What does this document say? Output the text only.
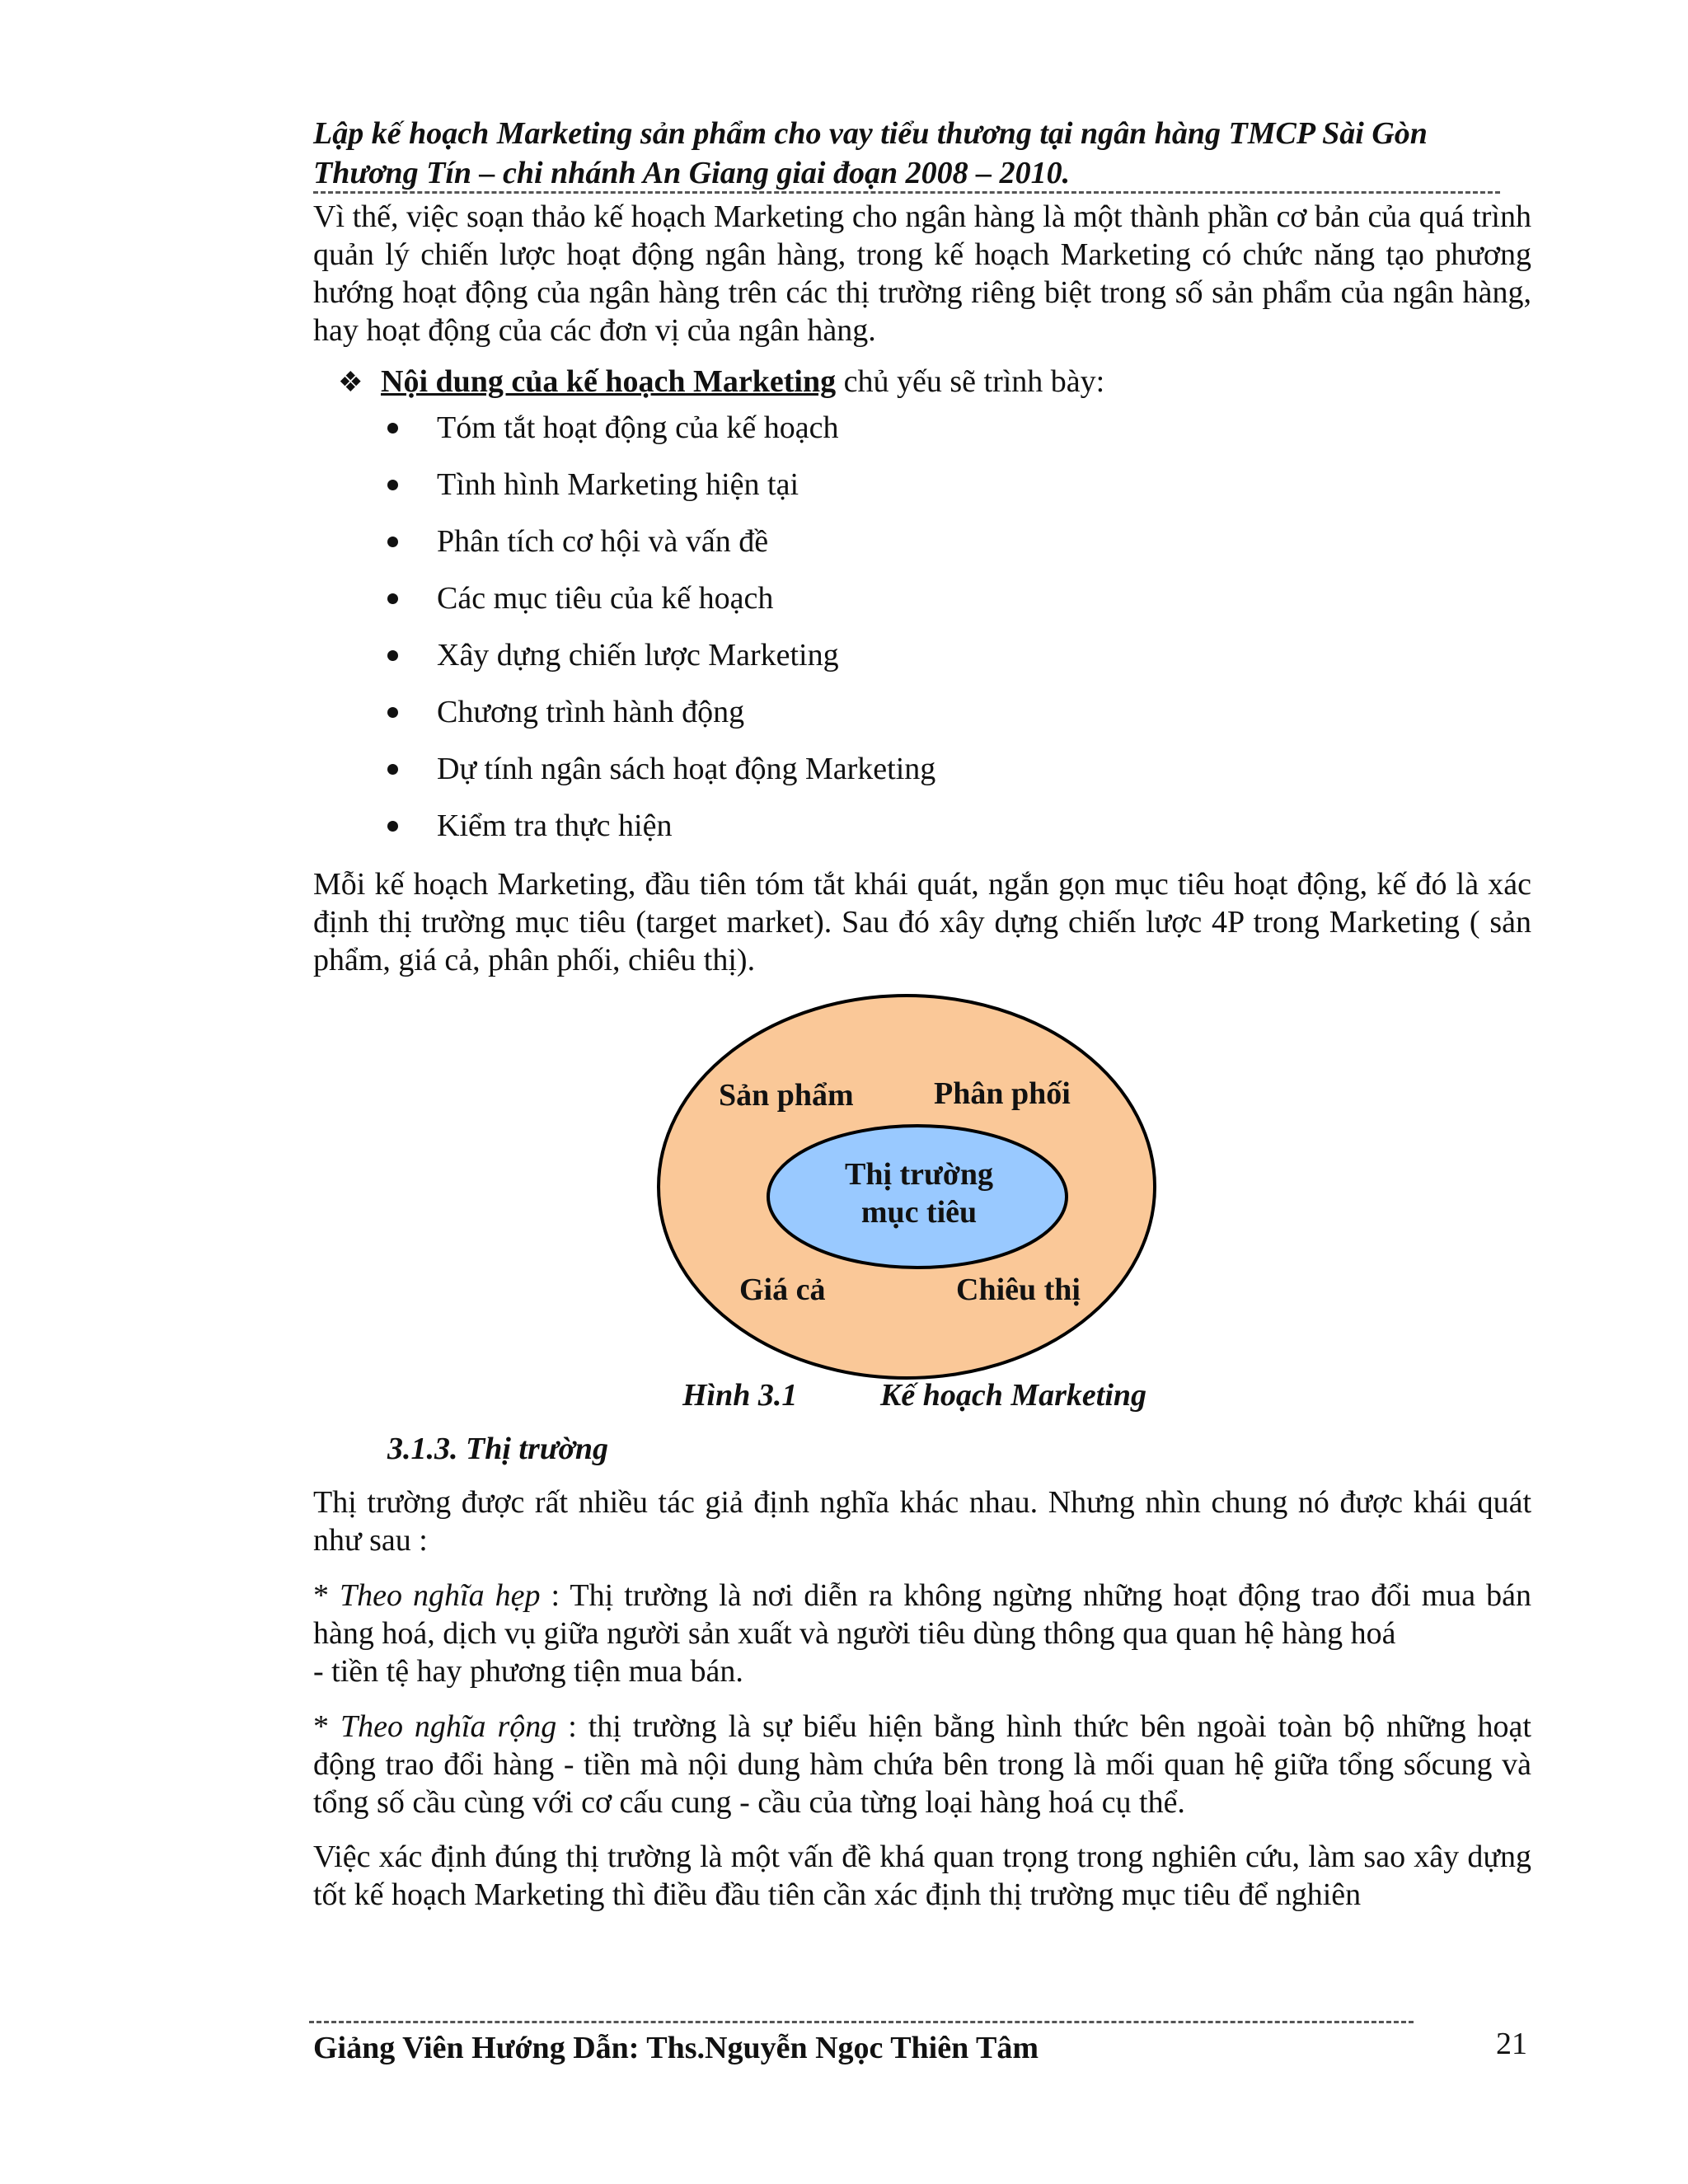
Lập kế hoạch Marketing sản phẩm cho vay tiểu thương tại ngân hàng TMCP Sài Gòn
Thương Tín – chi nhánh An Giang giai đoạn 2008 – 2010.

Vì thế, việc soạn thảo kế hoạch Marketing cho ngân hàng là một thành phần cơ bản của quá trình quản lý chiến lược hoạt động ngân hàng, trong kế hoạch Marketing có chức năng tạo phương hướng hoạt động của ngân hàng trên các thị trường riêng biệt trong số sản phẩm của ngân hàng, hay hoạt động của các đơn vị của ngân hàng.

❖ Nội dung của kế hoạch Marketing chủ yếu sẽ trình bày:
Tóm tắt hoạt động của kế hoạch
Tình hình Marketing hiện tại
Phân tích cơ hội và vấn đề
Các mục tiêu của kế hoạch
Xây dựng chiến lược Marketing
Chương trình hành động
Dự tính ngân sách hoạt động Marketing
Kiểm tra thực hiện

Mỗi kế hoạch Marketing, đầu tiên tóm tắt khái quát, ngắn gọn mục tiêu hoạt động, kế đó là xác định thị trường mục tiêu (target market). Sau đó xây dựng chiến lược 4P trong Marketing ( sản phẩm, giá cả, phân phối, chiêu thị).

Sản phẩm	Phân phối
Thị trường
mục tiêu
Giá cả	Chiêu thị
Hình 3.1	Kế hoạch Marketing
3.1.3. Thị trường

Thị trường được rất nhiều tác giả định nghĩa khác nhau. Nhưng nhìn chung nó được khái quát như sau :

* Theo nghĩa hẹp : Thị trường là nơi diễn ra không ngừng những hoạt động trao đổi mua bán hàng hoá, dịch vụ giữa người sản xuất và người tiêu dùng thông qua quan hệ hàng hoá
- tiền tệ hay phương tiện mua bán.

* Theo nghĩa rộng : thị trường là sự biểu hiện bằng hình thức bên ngoài toàn bộ những hoạt động trao đổi hàng - tiền mà nội dung hàm chứa bên trong là mối quan hệ giữa tổng sốcung và tổng số cầu cùng với cơ cấu cung - cầu của từng loại hàng hoá cụ thể.

Việc xác định đúng thị trường là một vấn đề khá quan trọng trong nghiên cứu, làm sao xây dựng tốt kế hoạch Marketing thì điều đầu tiên cần xác định thị trường mục tiêu để nghiên

Giảng Viên Hướng Dẫn: Ths.Nguyễn Ngọc Thiên Tâm	21
